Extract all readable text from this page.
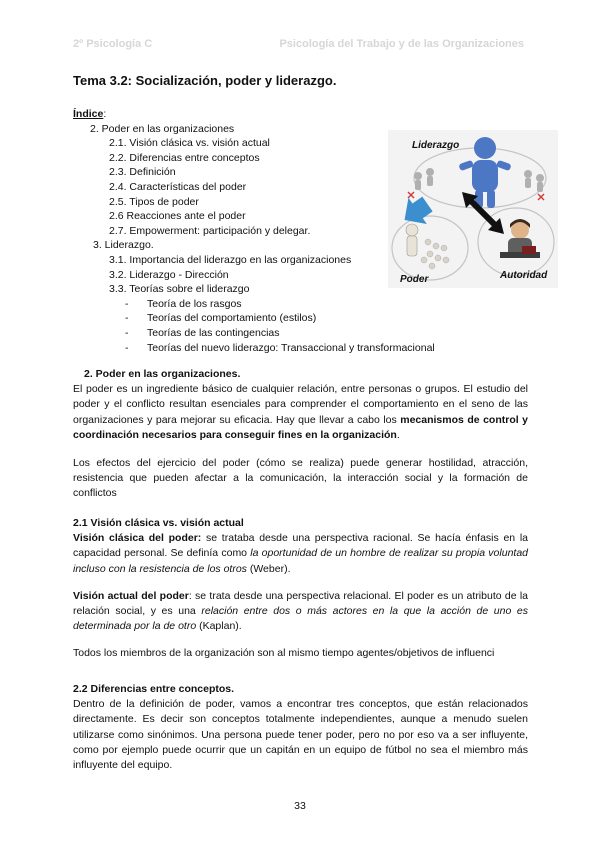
2º Psicología C	Psicología del Trabajo y de las Organizaciones
Tema 3.2: Socialización, poder y liderazgo.
Índice:
2. Poder en las organizaciones
2.1. Visión clásica vs. visión actual
2.2. Diferencias entre conceptos
2.3. Definición
2.4. Características del poder
2.5. Tipos de poder
2.6 Reacciones ante el poder
2.7. Empowerment: participación y delegar.
3. Liderazgo.
3.1. Importancia del liderazgo en las organizaciones
3.2. Liderazgo - Dirección
3.3. Teorías sobre el liderazgo
- Teoría de los rasgos
- Teorías del comportamiento (estilos)
- Teorías de las contingencias
- Teorías del nuevo liderazgo: Transaccional y transformacional
Liderazgo
Poder	Autoridad

2. Poder en las organizaciones.

El poder es un ingrediente básico de cualquier relación, entre personas o grupos. El estudio del poder y el conflicto resultan esenciales para comprender el comportamiento en el seno de las organizaciones y para mejorar su eficacia. Hay que llevar a cabo los mecanismos de control y coordinación necesarios para conseguir fines en la organización.

Los efectos del ejercicio del poder (cómo se realiza) puede generar hostilidad, atracción, resistencia que pueden afectar a la comunicación, la interacción social y la formación de conflictos

2.1 Visión clásica vs. visión actual

Visión clásica del poder: se trataba desde una perspectiva racional. Se hacía énfasis en la capacidad personal. Se definía como la oportunidad de un hombre de realizar su propia voluntad incluso con la resistencia de los otros (Weber).

Visión actual del poder: se trata desde una perspectiva relacional. El poder es un atributo de la relación social, y es una relación entre dos o más actores en la que la acción de uno es determinada por la de otro (Kaplan).

Todos los miembros de la organización son al mismo tiempo agentes/objetivos de influenci

2.2 Diferencias entre conceptos.

Dentro de la definición de poder, vamos a encontrar tres conceptos, que están relacionados directamente. Es decir son conceptos totalmente independientes, aunque a menudo suelen utilizarse como sinónimos. Una persona puede tener poder, pero no por eso va a ser influyente, como por ejemplo puede ocurrir que un capitán en un equipo de fútbol no sea el miembro más influyente del equipo.

33
